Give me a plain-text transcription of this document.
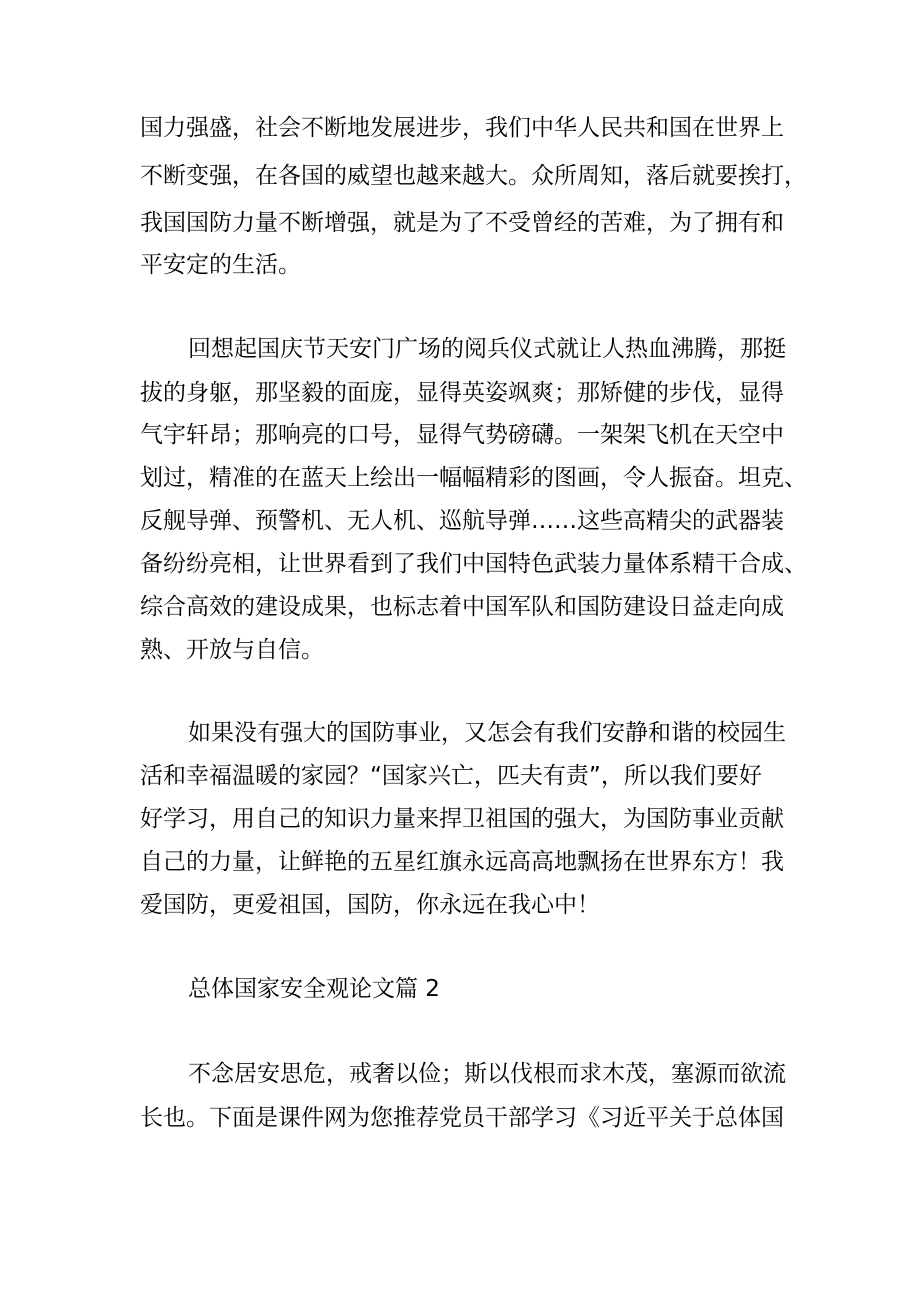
国力强盛，社会不断地发展进步，我们中华人民共和国在世界上

不断变强，在各国的威望也越来越大。众所周知，落后就要挨打，

我国国防力量不断增强，就是为了不受曾经的苦难，为了拥有和

平安定的生活。

回想起国庆节天安门广场的阅兵仪式就让人热血沸腾，那挺

拔的身躯，那坚毅的面庞，显得英姿飒爽；那矫健的步伐，显得

气宇轩昂；那响亮的口号，显得气势磅礴。一架架飞机在天空中

划过，精准的在蓝天上绘出一幅幅精彩的图画，令人振奋。坦克、

反舰导弹、预警机、无人机、巡航导弹……这些高精尖的武器装

备纷纷亮相，让世界看到了我们中国特色武装力量体系精干合成、

综合高效的建设成果，也标志着中国军队和国防建设日益走向成

熟、开放与自信。

如果没有强大的国防事业，又怎会有我们安静和谐的校园生

活和幸福温暖的家园？“国家兴亡，匹夫有责”，所以我们要好

好学习，用自己的知识力量来捍卫祖国的强大，为国防事业贡献

自己的力量，让鲜艳的五星红旗永远高高地飘扬在世界东方！我

爱国防，更爱祖国，国防，你永远在我心中！

总体国家安全观论文篇 2

不念居安思危，戒奢以俭；斯以伐根而求木茂，塞源而欲流

长也。下面是课件网为您推荐党员干部学习《习近平关于总体国
